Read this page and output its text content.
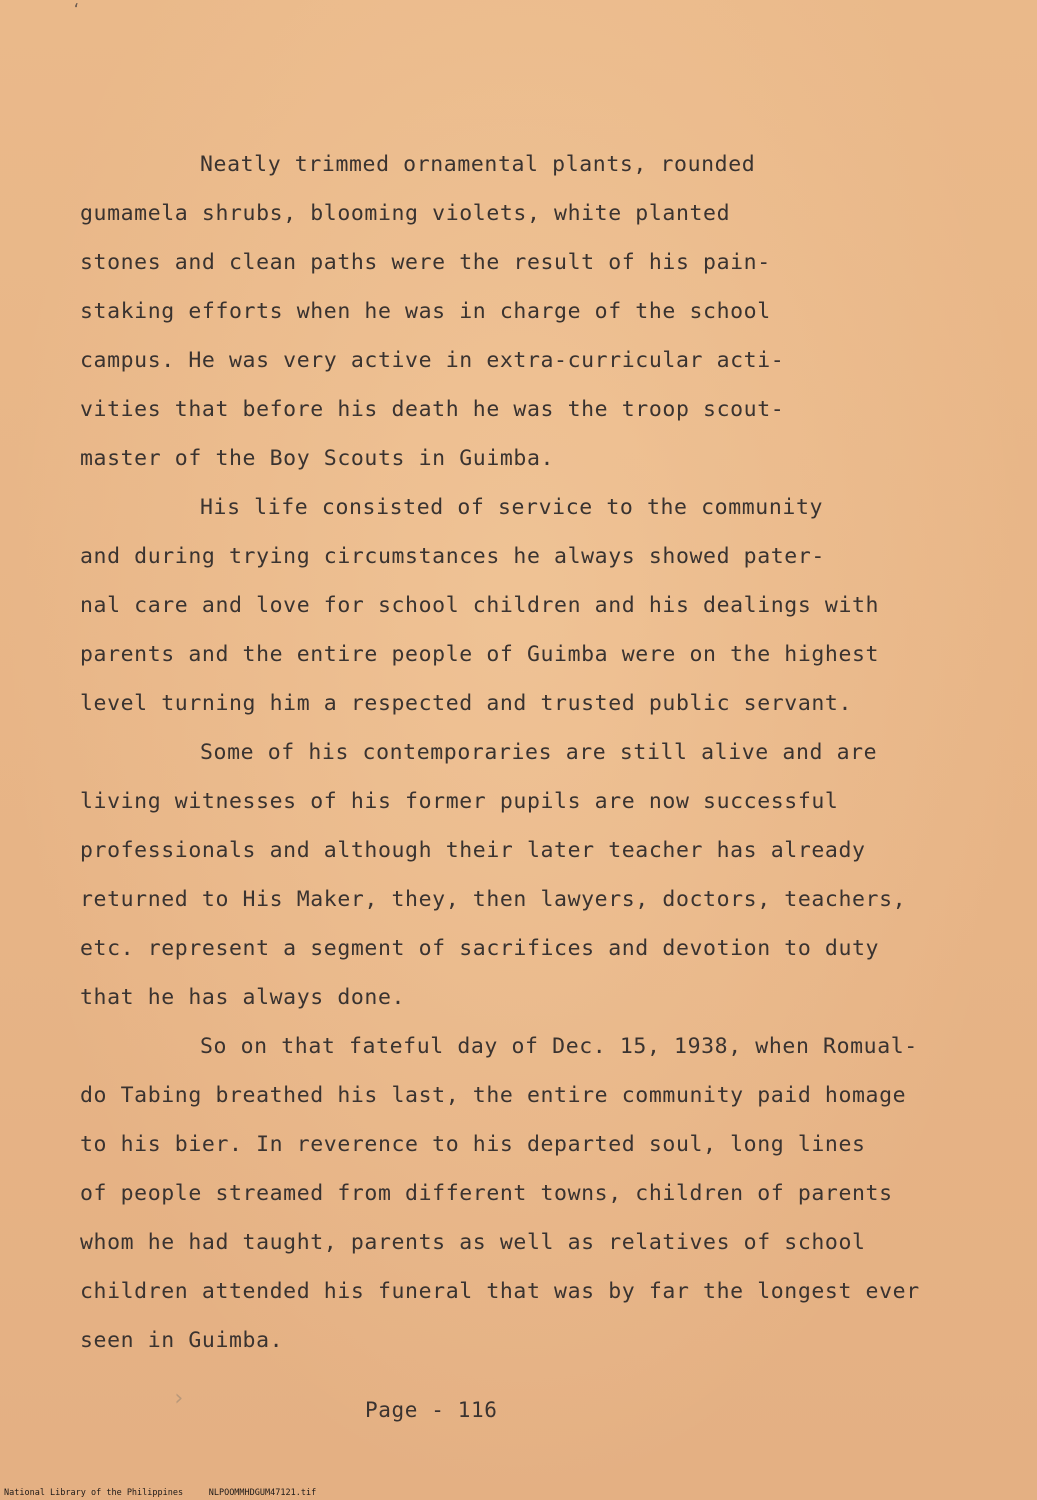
Neatly trimmed ornamental plants, rounded
gumamela shrubs, blooming violets, white planted
stones and clean paths were the result of his pain-
staking efforts when he was in charge of the school
campus. He was very active in extra-curricular acti-
vities that before his death he was the troop scout-
master of the Boy Scouts in Guimba.
His life consisted of service to the community
and during trying circumstances he always showed pater-
nal care and love for school children and his dealings with
parents and the entire people of Guimba were on the highest
level turning him a respected and trusted public servant.
Some of his contemporaries are still alive and are
living witnesses of his former pupils are now successful
professionals and although their later teacher has already
returned to His Maker, they, then lawyers, doctors, teachers,
etc. represent a segment of sacrifices and devotion to duty
that he has always done.
So on that fateful day of Dec. 15, 1938, when Romual-
do Tabing breathed his last, the entire community paid homage
to his bier. In reverence to his departed soul, long lines
of people streamed from different towns, children of parents
whom he had taught, parents as well as relatives of school
children attended his funeral that was by far the longest ever
seen in Guimba.
Page - 116
‘
›
National Library of the Philippines	NLPOOMMHDGUM47121.tif
